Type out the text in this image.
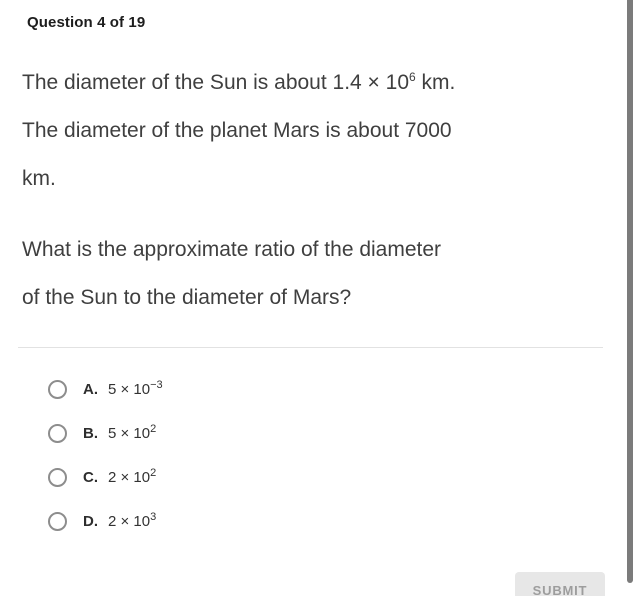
Question 4 of 19
The diameter of the Sun is about $1.4 \times 10^6$ km.
The diameter of the planet Mars is about 7000
km.
What is the approximate ratio of the diameter
of the Sun to the diameter of Mars?
A. $5 \times 10^{-3}$
B. $5 \times 10^2$
C. $2 \times 10^2$
D. $2 \times 10^3$
SUBMIT
